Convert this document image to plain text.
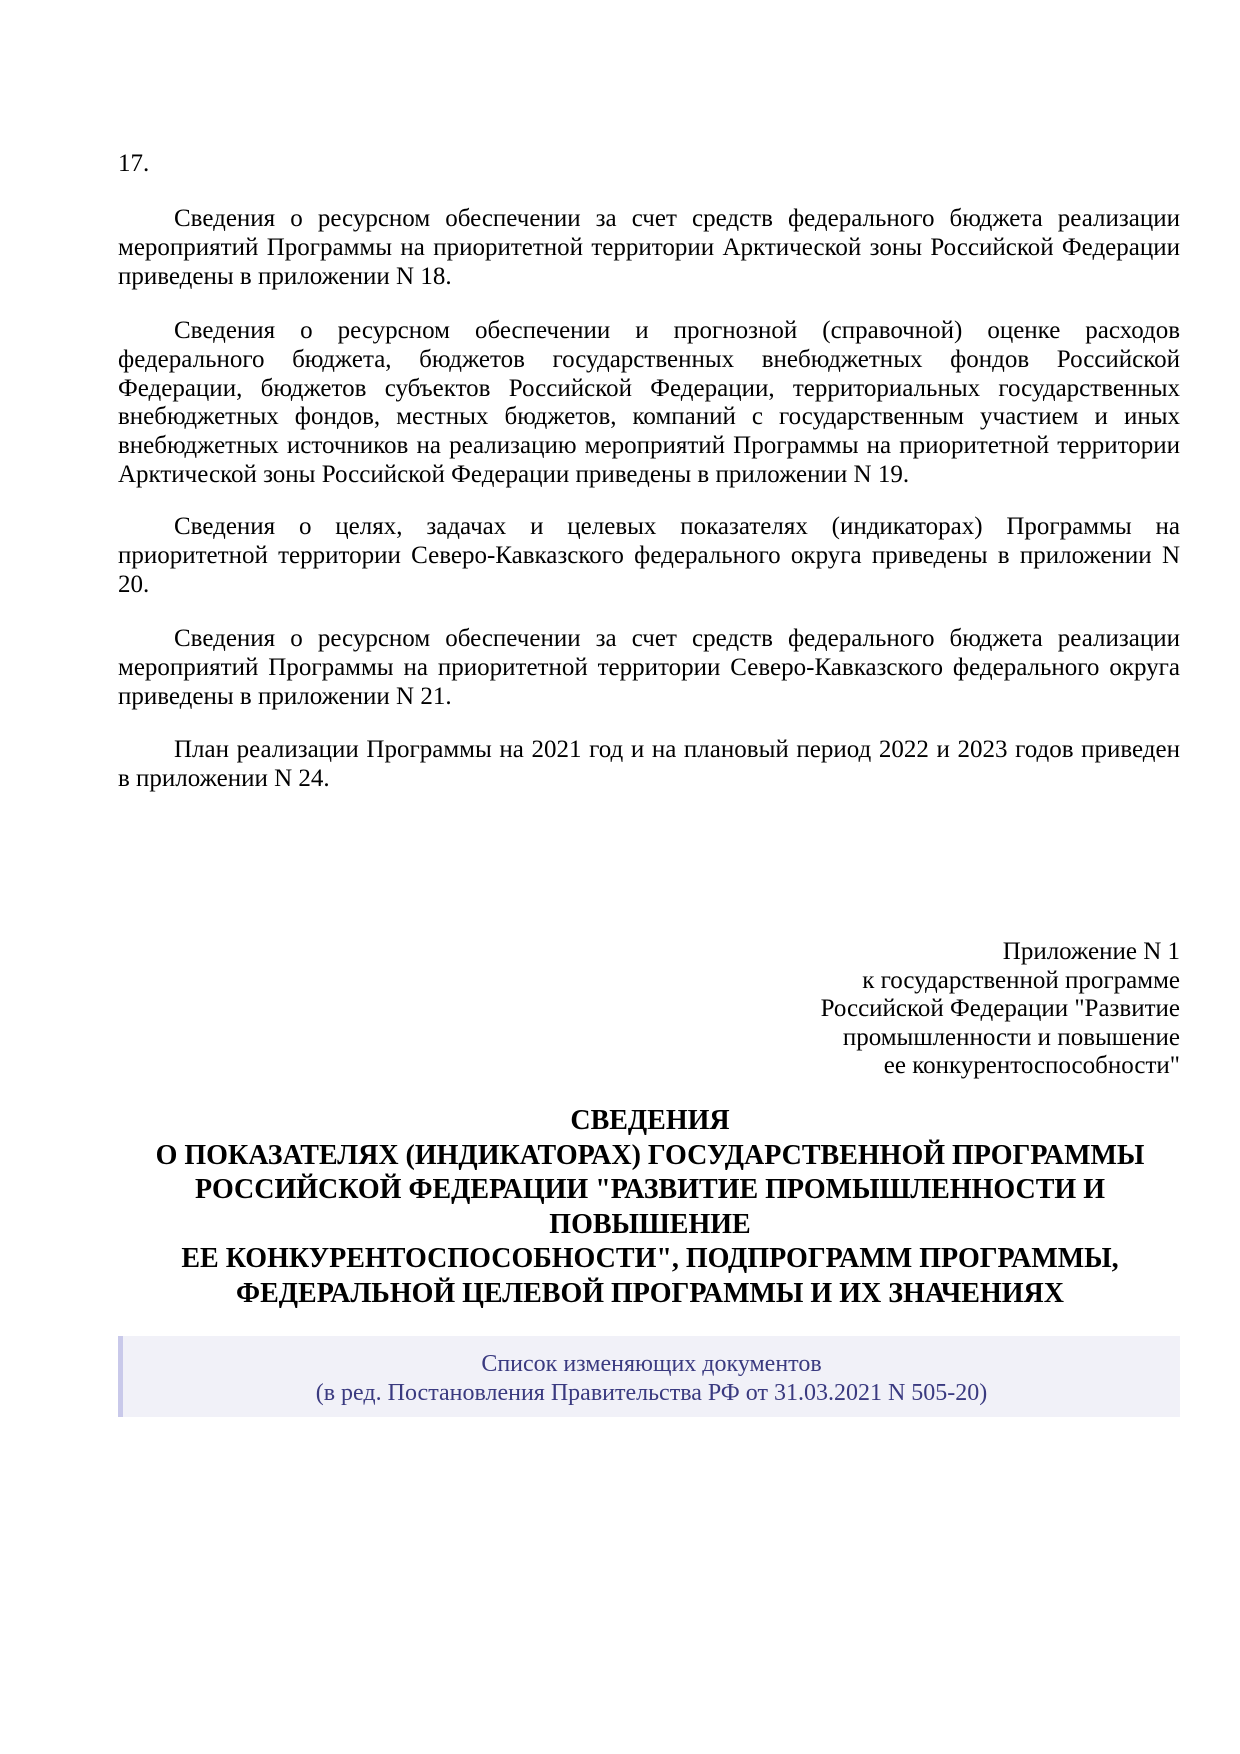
17.
Сведения о ресурсном обеспечении за счет средств федерального бюджета реализации
мероприятий Программы на приоритетной территории Арктической зоны Российской Федерации
приведены в приложении N 18.
Сведения о ресурсном обеспечении и прогнозной (справочной) оценке расходов
федерального бюджета, бюджетов государственных внебюджетных фондов Российской
Федерации, бюджетов субъектов Российской Федерации, территориальных государственных
внебюджетных фондов, местных бюджетов, компаний с государственным участием и иных
внебюджетных источников на реализацию мероприятий Программы на приоритетной территории
Арктической зоны Российской Федерации приведены в приложении N 19.
Сведения о целях, задачах и целевых показателях (индикаторах) Программы на
приоритетной территории Северо-Кавказского федерального округа приведены в приложении N
20.
Сведения о ресурсном обеспечении за счет средств федерального бюджета реализации
мероприятий Программы на приоритетной территории Северо-Кавказского федерального округа
приведены в приложении N 21.
План реализации Программы на 2021 год и на плановый период 2022 и 2023 годов приведен
в приложении N 24.
Приложение N 1
к государственной программе
Российской Федерации "Развитие
промышленности и повышение
ее конкурентоспособности"
СВЕДЕНИЯ
О ПОКАЗАТЕЛЯХ (ИНДИКАТОРАХ) ГОСУДАРСТВЕННОЙ ПРОГРАММЫ
РОССИЙСКОЙ ФЕДЕРАЦИИ "РАЗВИТИЕ ПРОМЫШЛЕННОСТИ И
ПОВЫШЕНИЕ
ЕЕ КОНКУРЕНТОСПОСОБНОСТИ", ПОДПРОГРАММ ПРОГРАММЫ,
ФЕДЕРАЛЬНОЙ ЦЕЛЕВОЙ ПРОГРАММЫ И ИХ ЗНАЧЕНИЯХ
Список изменяющих документов
(в ред. Постановления Правительства РФ от 31.03.2021 N 505-20)
